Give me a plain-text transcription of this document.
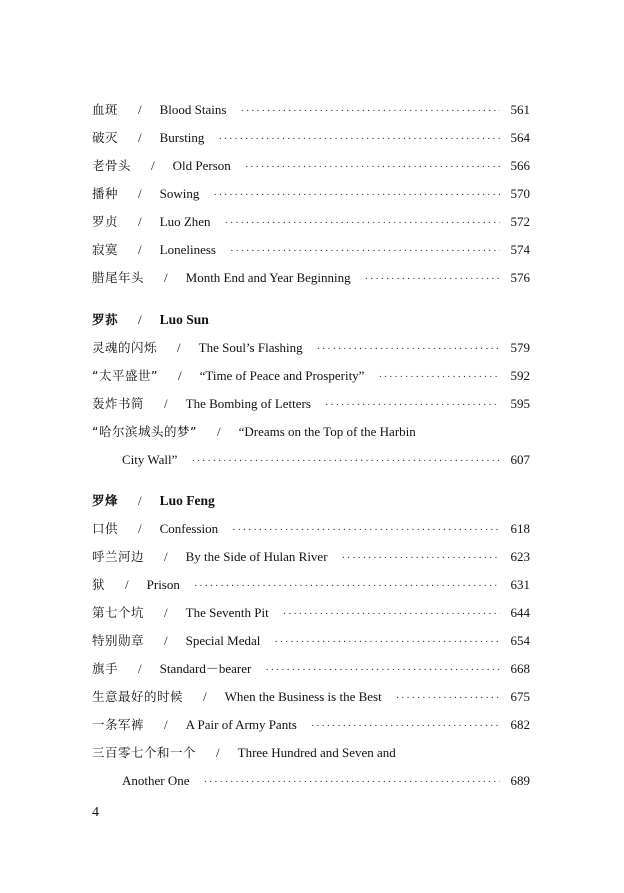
血斑 / Blood Stains ·····	561
破灭 / Bursting ·····	564
老骨头 / Old Person ·····	566
播种 / Sowing ·····	570
罗贞 / Luo Zhen ·····	572
寂寞 / Loneliness ·····	574
腊尾年头 / Month End and Year Beginning ·····	576
罗荪 / Luo Sun
灵魂的闪烁 / The Soul’s Flashing ·····	579
“太平盛世” / “Time of Peace and Prosperity” ·····	592
轰炸书简 / The Bombing of Letters ·····	595
“哈尔滨城头的梦” / “Dreams on the Top of the Harbin
City Wall” ·····	607
罗烽 / Luo Feng
口供 / Confession ·····	618
呼兰河边 / By the Side of Hulan River ·····	623
狱 / Prison ·····	631
第七个坑 / The Seventh Pit ·····	644
特别勋章 / Special Medal ·····	654
旗手 / Standard－bearer ·····	668
生意最好的时候 / When the Business is the Best ·····	675
一条军裤 / A Pair of Army Pants ·····	682
三百零七个和一个 / Three Hundred and Seven and
Another One ·····	689
4
